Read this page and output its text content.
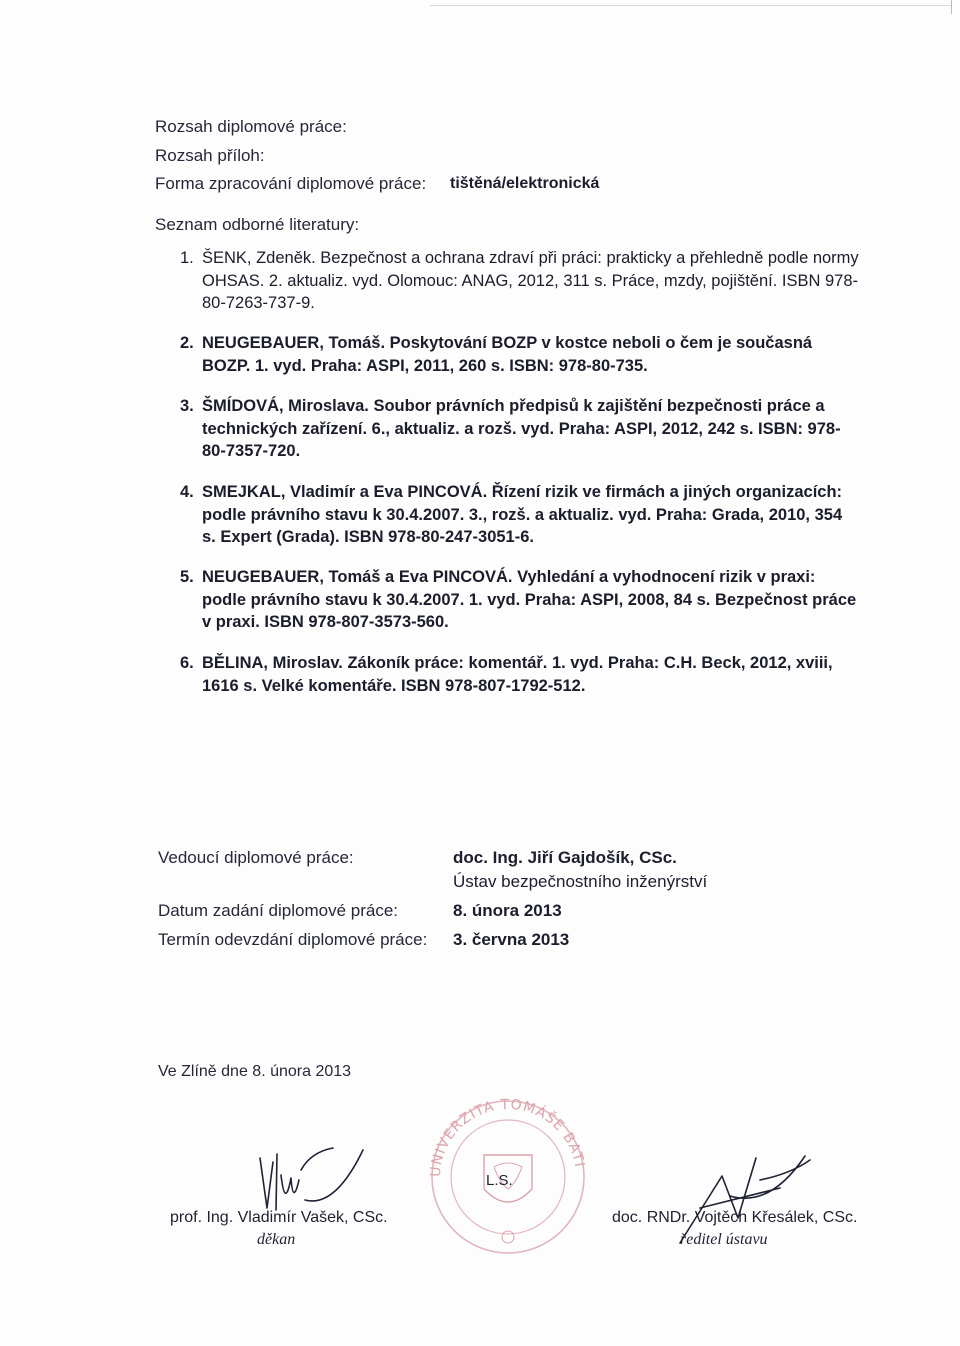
Rozsah diplomové práce:
Rozsah příloh:
Forma zpracování diplomové práce: tištěná/elektronická
Seznam odborné literatury:
1. ŠENK, Zdeněk. Bezpečnost a ochrana zdraví při práci: prakticky a přehledně podle normy OHSAS. 2. aktualiz. vyd. Olomouc: ANAG, 2012, 311 s. Práce, mzdy, pojištění. ISBN 978-80-7263-737-9.
2. NEUGEBAUER, Tomáš. Poskytování BOZP v kostce neboli o čem je současná BOZP. 1. vyd. Praha: ASPI, 2011, 260 s. ISBN: 978-80-735.
3. ŠMÍDOVÁ, Miroslava. Soubor právních předpisů k zajištění bezpečnosti práce a technických zařízení. 6., aktualiz. a rozš. vyd. Praha: ASPI, 2012, 242 s. ISBN: 978-80-7357-720.
4. SMEJKAL, Vladimír a Eva PINCOVÁ. Řízení rizik ve firmách a jiných organizacích: podle právního stavu k 30.4.2007. 3., rozš. a aktualiz. vyd. Praha: Grada, 2010, 354 s. Expert (Grada). ISBN 978-80-247-3051-6.
5. NEUGEBAUER, Tomáš a Eva PINCOVÁ. Vyhledání a vyhodnocení rizik v praxi: podle právního stavu k 30.4.2007. 1. vyd. Praha: ASPI, 2008, 84 s. Bezpečnost práce v praxi. ISBN 978-807-3573-560.
6. BĚLINA, Miroslav. Zákoník práce: komentář. 1. vyd. Praha: C.H. Beck, 2012, xviii, 1616 s. Velké komentáře. ISBN 978-807-1792-512.
Vedoucí diplomové práce:	doc. Ing. Jiří Gajdošík, CSc.
Ústav bezpečnostního inženýrství
Datum zadání diplomové práce:	8. února 2013
Termín odevzdání diplomové práce: 3. června 2013
Ve Zlíně dne 8. února 2013
UNIVERZITA TOMÁŠE BATI VE ZLÍNĚ Fakulta aplikované informatiky
L.S.
prof. Ing. Vladimír Vašek, CSc.
děkan
doc. RNDr. Vojtěch Křesálek, CSc.
ředitel ústavu
